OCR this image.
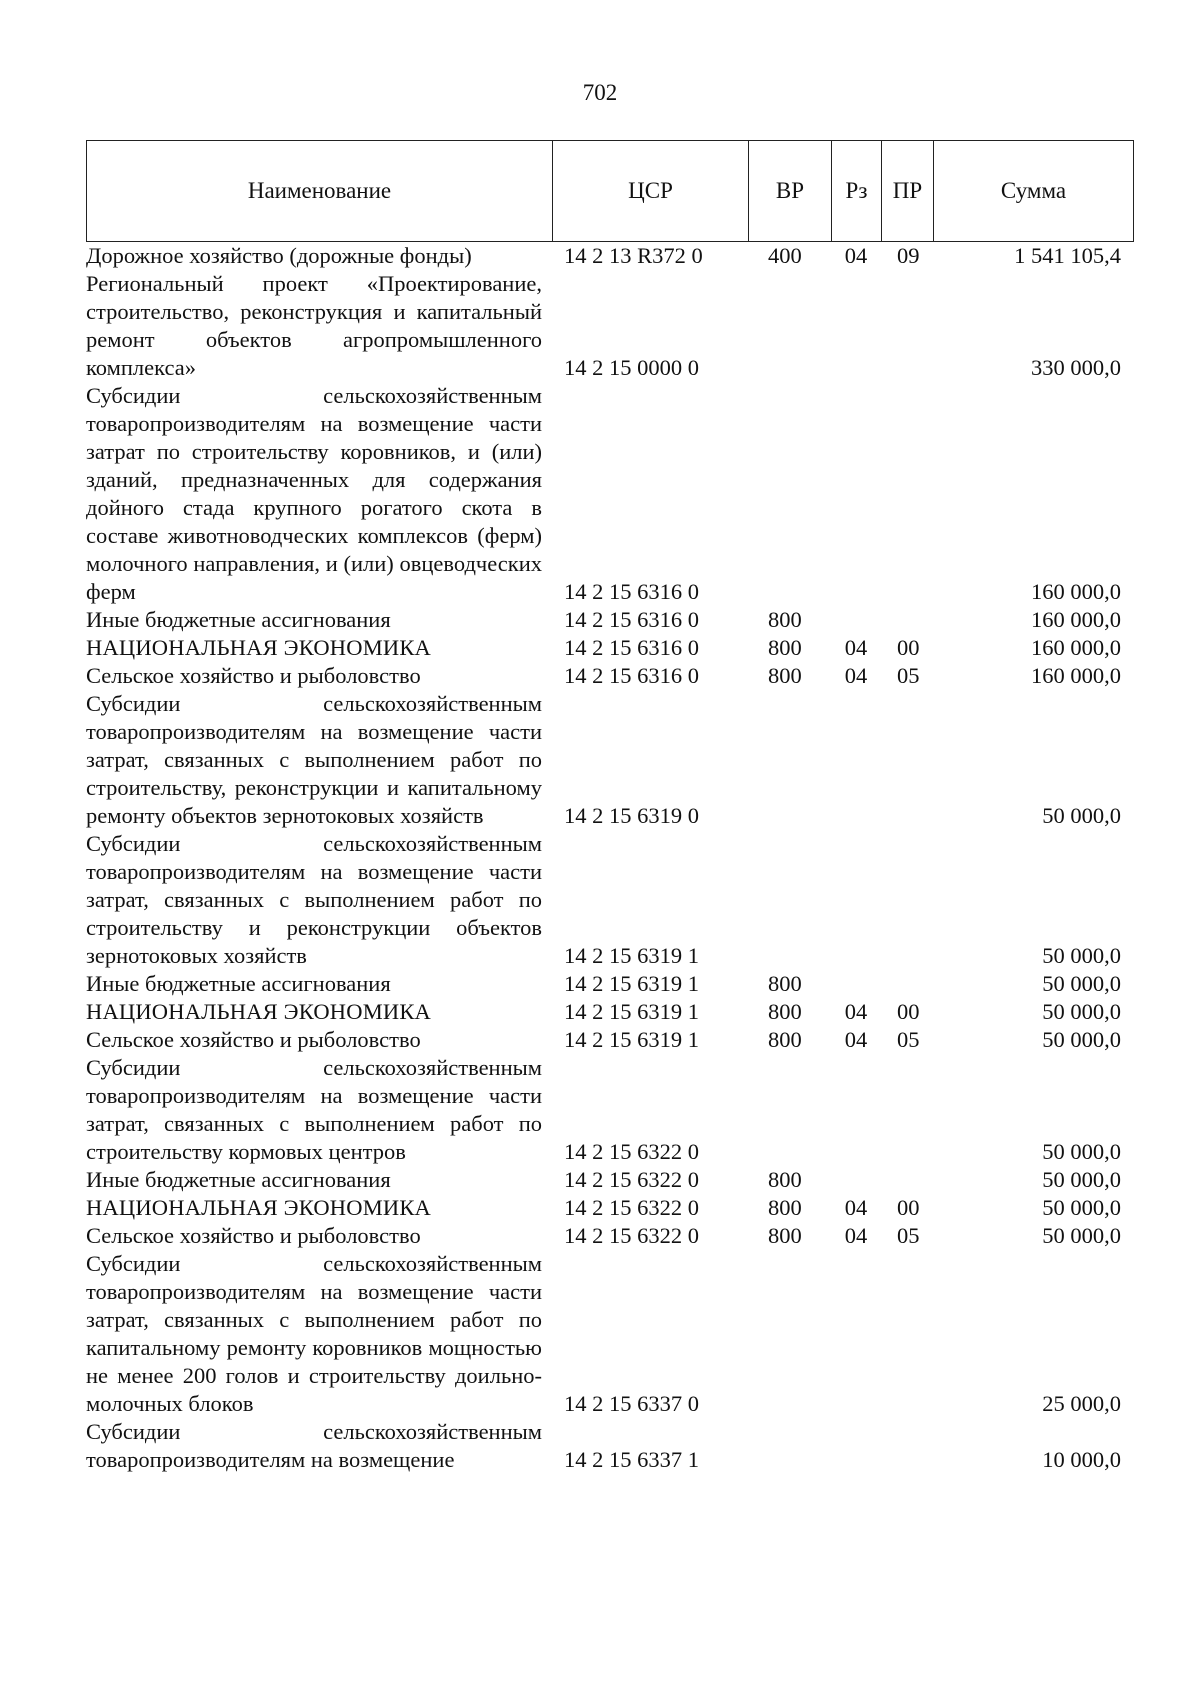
702
Наименование	ЦСР	ВР	Рз	ПР	Сумма
Дорожное хозяйство (дорожные фонды)	14 2 13 R372 0	400	04	09	1 541 105,4

Региональный проект «Проектирование, строительство, реконструкция и капитальный ремонт объектов агропромышленного комплекса»	14 2 15 0000 0				330 000,0

Субсидии сельскохозяйственным товаропроизводителям на возмещение части затрат по строительству коровников, и (или) зданий, предназначенных для содержания дойного стада крупного рогатого скота в составе животноводческих комплексов (ферм) молочного направления, и (или) овцеводческих ферм	14 2 15 6316 0				160 000,0

Иные бюджетные ассигнования	14 2 15 6316 0	800			160 000,0

НАЦИОНАЛЬНАЯ ЭКОНОМИКА	14 2 15 6316 0	800	04	00	160 000,0

Сельское хозяйство и рыболовство	14 2 15 6316 0	800	04	05	160 000,0

Субсидии сельскохозяйственным товаропроизводителям на возмещение части затрат, связанных с выполнением работ по строительству, реконструкции и капитальному ремонту объектов зернотоковых хозяйств	14 2 15 6319 0				50 000,0

Субсидии сельскохозяйственным товаропроизводителям на возмещение части затрат, связанных с выполнением работ по строительству и реконструкции объектов зернотоковых хозяйств	14 2 15 6319 1				50 000,0

Иные бюджетные ассигнования	14 2 15 6319 1	800			50 000,0

НАЦИОНАЛЬНАЯ ЭКОНОМИКА	14 2 15 6319 1	800	04	00	50 000,0

Сельское хозяйство и рыболовство	14 2 15 6319 1	800	04	05	50 000,0

Субсидии сельскохозяйственным товаропроизводителям на возмещение части затрат, связанных с выполнением работ по строительству кормовых центров	14 2 15 6322 0				50 000,0

Иные бюджетные ассигнования	14 2 15 6322 0	800			50 000,0

НАЦИОНАЛЬНАЯ ЭКОНОМИКА	14 2 15 6322 0	800	04	00	50 000,0

Сельское хозяйство и рыболовство	14 2 15 6322 0	800	04	05	50 000,0

Субсидии сельскохозяйственным товаропроизводителям на возмещение части затрат, связанных с выполнением работ по капитальному ремонту коровников мощностью не менее 200 голов и строительству доильно-молочных блоков	14 2 15 6337 0				25 000,0

Субсидии сельскохозяйственным товаропроизводителям на возмещение	14 2 15 6337 1				10 000,0
